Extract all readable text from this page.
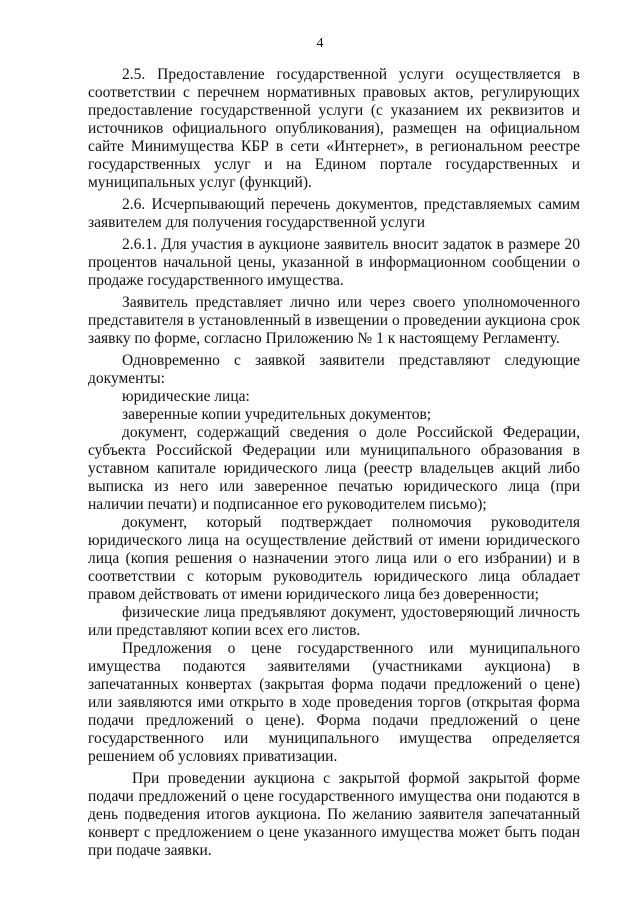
4

2.5. Предоставление государственной услуги осуществляется в соответствии с перечнем нормативных правовых актов, регулирующих предоставление государственной услуги (с указанием их реквизитов и источников официального опубликования), размещен на официальном сайте Минимущества КБР в сети «Интернет», в региональном реестре государственных услуг и на Едином портале государственных и муниципальных услуг (функций).

2.6. Исчерпывающий перечень документов, представляемых самим заявителем для получения государственной услуги

2.6.1. Для участия в аукционе заявитель вносит задаток в размере 20 процентов начальной цены, указанной в информационном сообщении о продаже государственного имущества.

Заявитель представляет лично или через своего уполномоченного представителя в установленный в извещении о проведении аукциона срок заявку по форме, согласно Приложению № 1 к настоящему Регламенту.

Одновременно с заявкой заявители представляют следующие документы:

юридические лица:

заверенные копии учредительных документов;

документ, содержащий сведения о доле Российской Федерации, субъекта Российской Федерации или муниципального образования в уставном капитале юридического лица (реестр владельцев акций либо выписка из него или заверенное печатью юридического лица (при наличии печати) и подписанное его руководителем письмо);

документ, который подтверждает полномочия руководителя юридического лица на осуществление действий от имени юридического лица (копия решения о назначении этого лица или о его избрании) и в соответствии с которым руководитель юридического лица обладает правом действовать от имени юридического лица без доверенности;

физические лица предъявляют документ, удостоверяющий личность или представляют копии всех его листов.

Предложения о цене государственного или муниципального имущества подаются заявителями (участниками аукциона) в запечатанных конвертах (закрытая форма подачи предложений о цене) или заявляются ими открыто в ходе проведения торгов (открытая форма подачи предложений о цене). Форма подачи предложений о цене государственного или муниципального имущества определяется решением об условиях приватизации.

При проведении аукциона с закрытой формой закрытой форме подачи предложений о цене государственного имущества они подаются в день подведения итогов аукциона. По желанию заявителя запечатанный конверт с предложением о цене указанного имущества может быть подан при подаче заявки.
